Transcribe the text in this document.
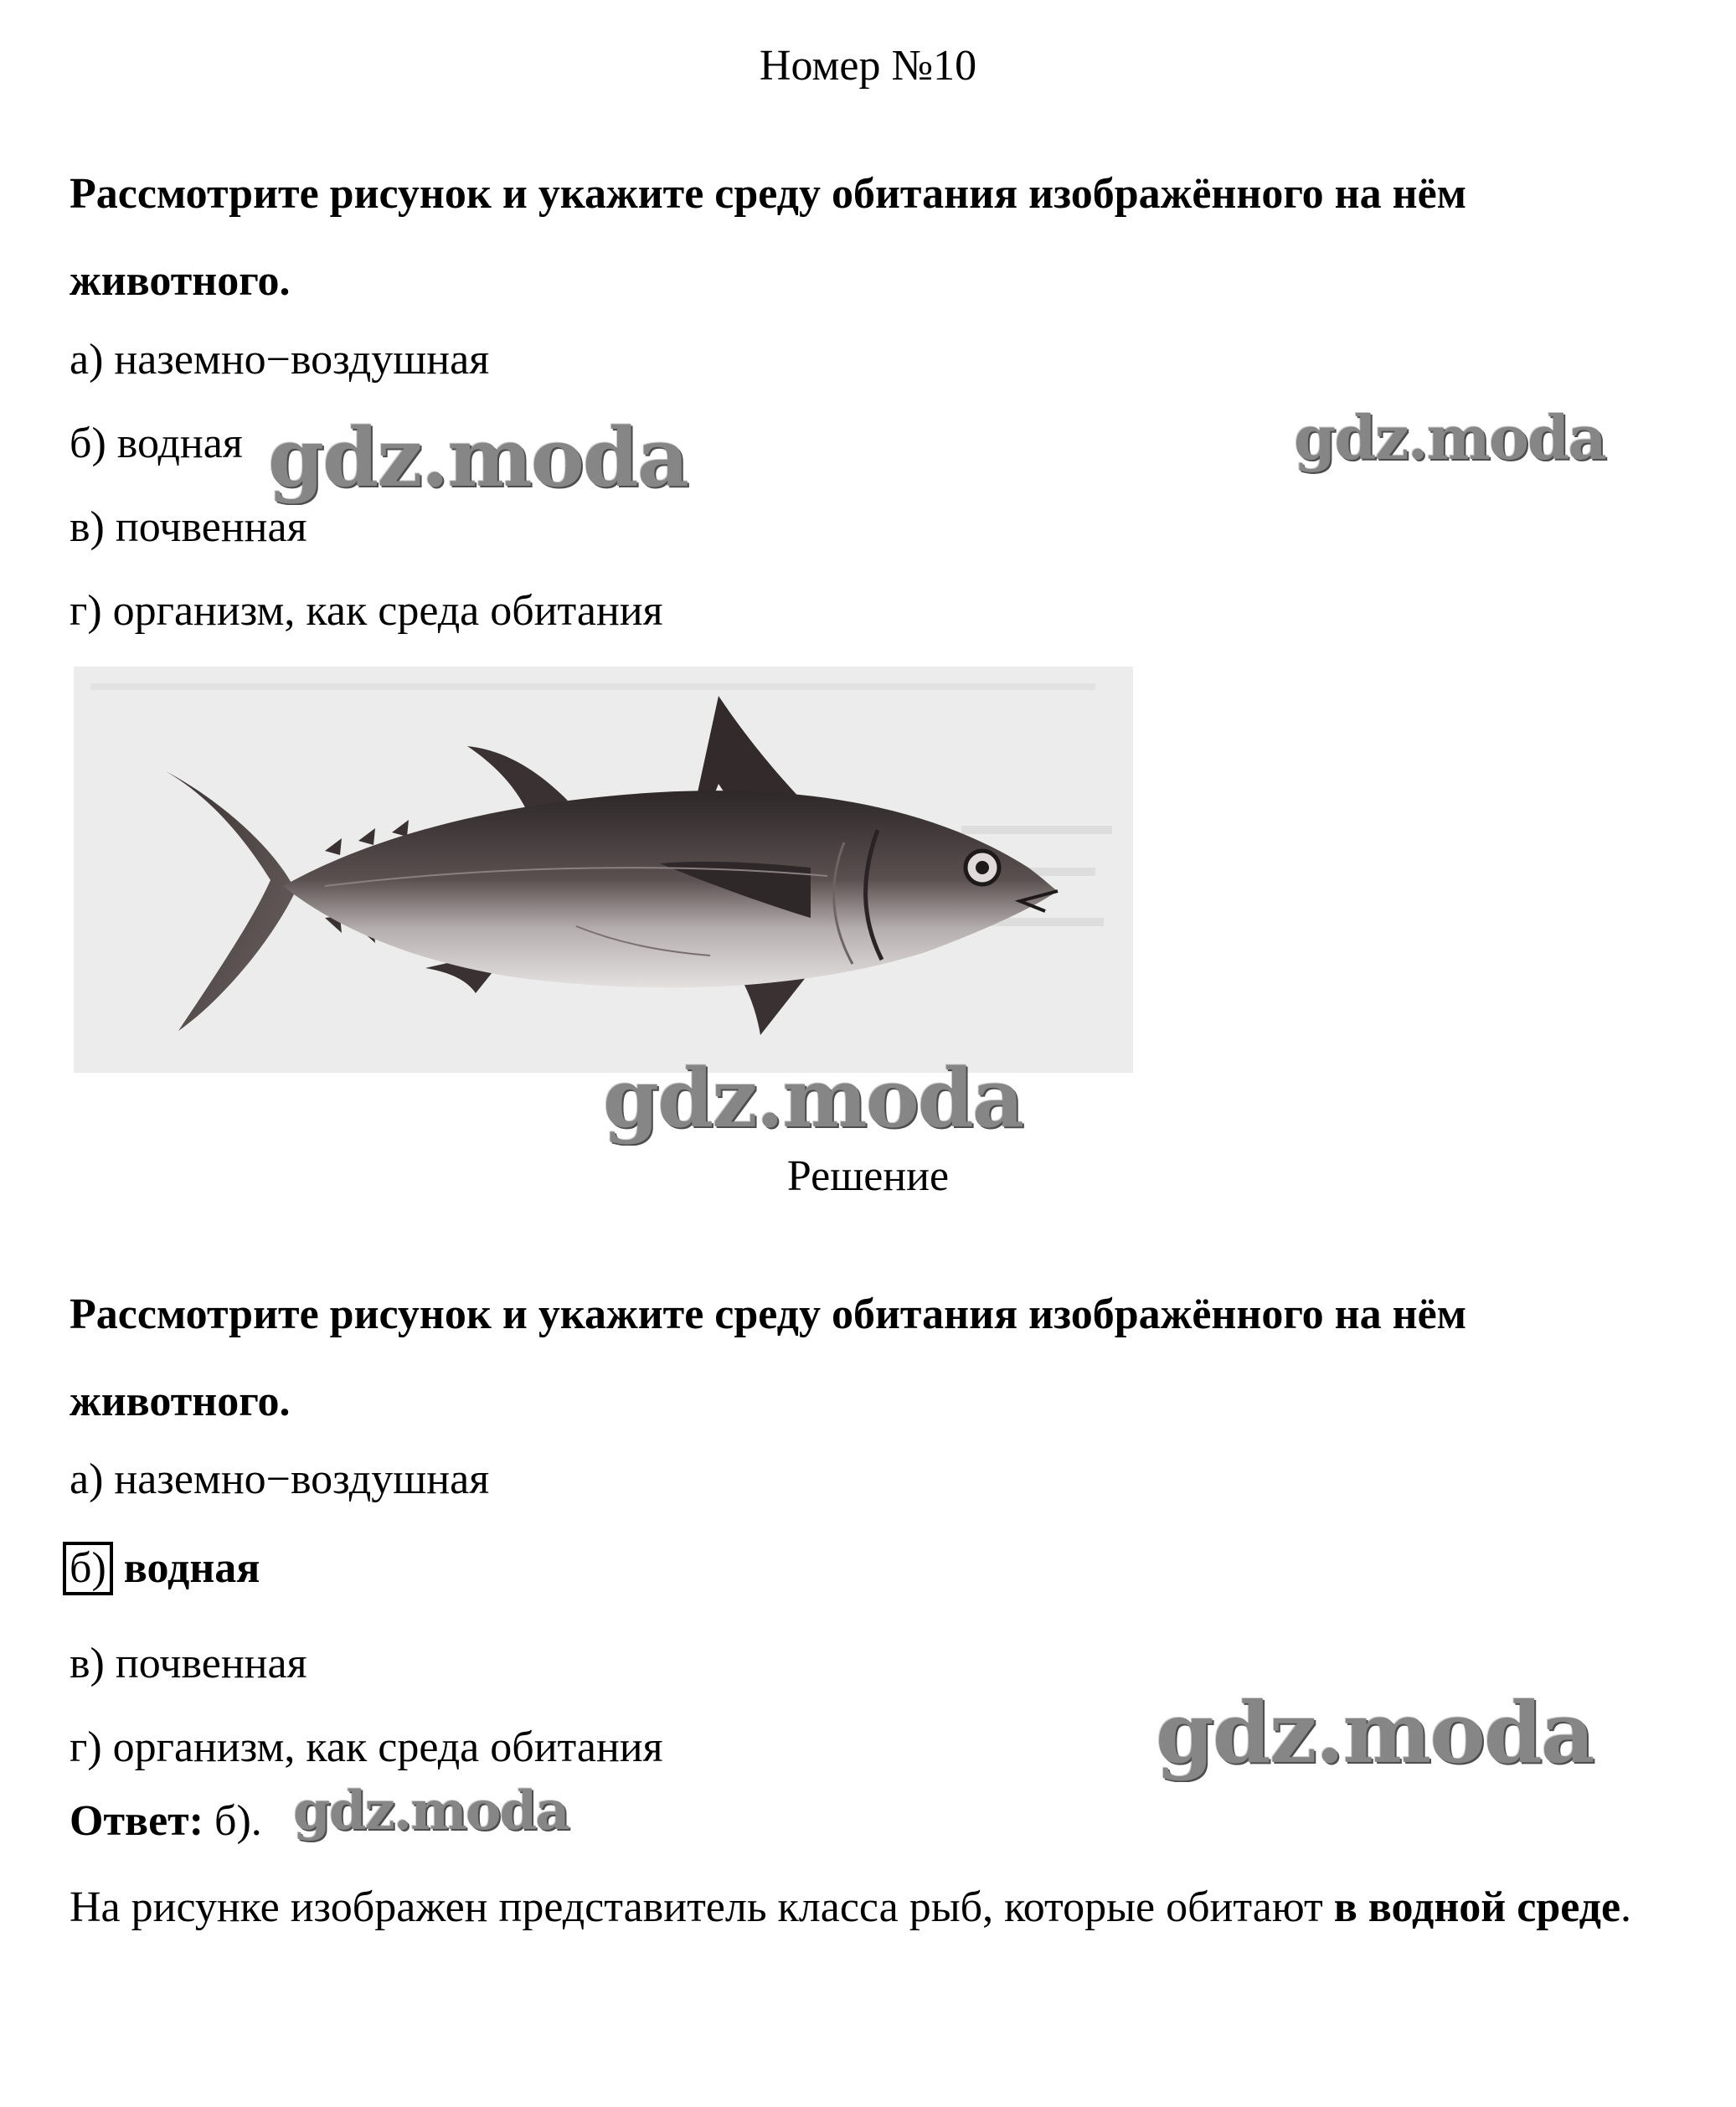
Номер №10
Рассмотрите рисунок и укажите среду обитания изображённого на нём животного.
а) наземно−воздушная
б) водная
в) почвенная
г) организм, как среда обитания
Решение
Рассмотрите рисунок и укажите среду обитания изображённого на нём животного.
а) наземно−воздушная
б) водная
в) почвенная
г) организм, как среда обитания
Ответ: б).
На рисунке изображен представитель класса рыб, которые обитают в водной среде.
gdz.moda	gdz.moda
gdz.moda
gdz.moda
gdz.moda
